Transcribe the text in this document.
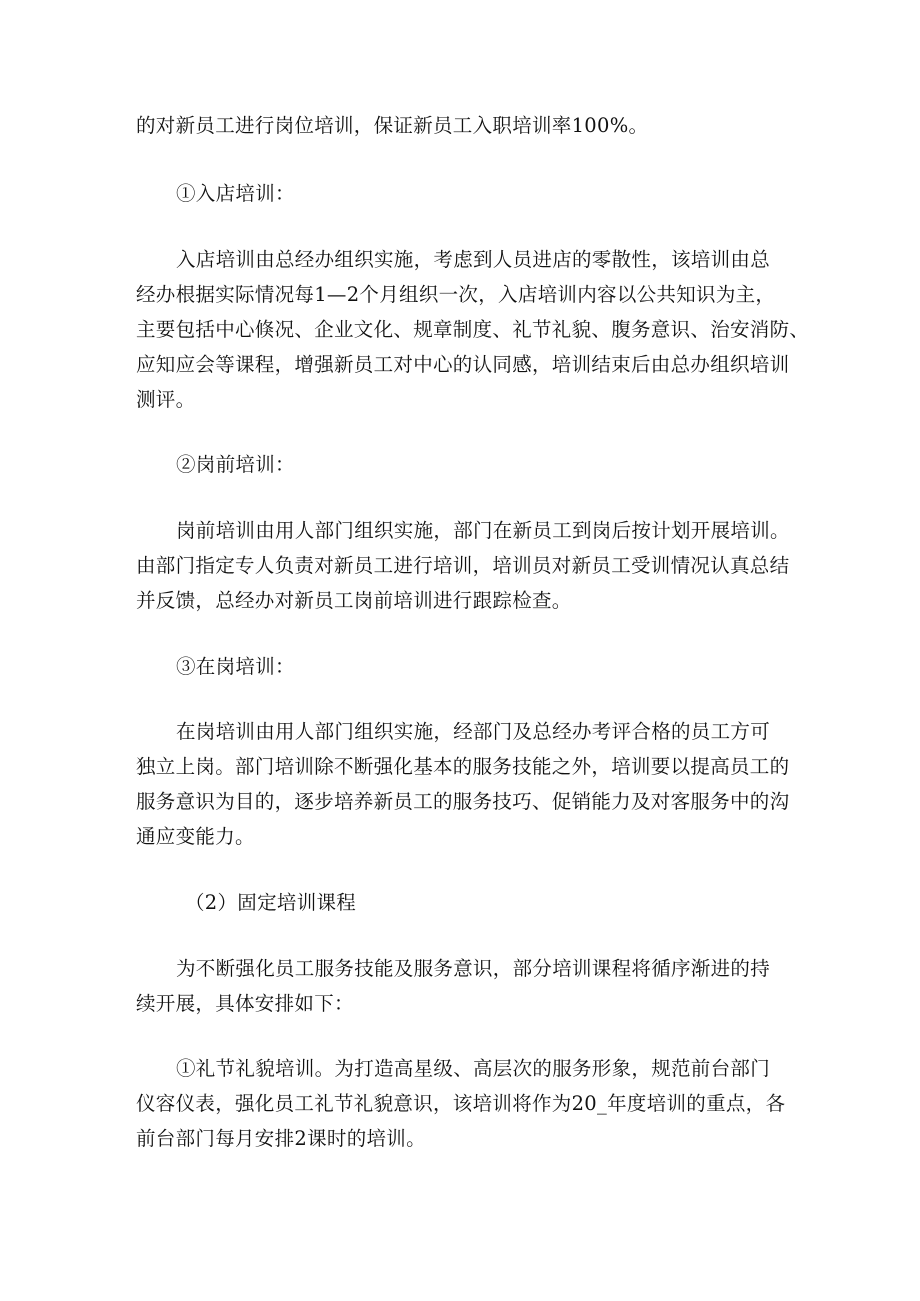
的对新员工进行岗位培训，保证新员工入职培训率100%。
①入店培训：
入店培训由总经办组织实施，考虑到人员进店的零散性，该培训由总
经办根据实际情况每1—2个月组织一次，入店培训内容以公共知识为主，
主要包括中心倏况、企业文化、规章制度、礼节礼貌、腹务意识、治安消防、
应知应会等课程，增强新员工对中心的认同感，培训结束后由总办组织培训
测评。
②岗前培训：
岗前培训由用人部门组织实施，部门在新员工到岗后按计划开展培训。
由部门指定专人负责对新员工进行培训，培训员对新员工受训情况认真总结
并反馈，总经办对新员工岗前培训进行跟踪检查。
③在岗培训：
在岗培训由用人部门组织实施，经部门及总经办考评合格的员工方可
独立上岗。部门培训除不断强化基本的服务技能之外，培训要以提高员工的
服务意识为目的，逐步培养新员工的服务技巧、促销能力及对客服务中的沟
通应变能力。
（2）固定培训课程
为不断强化员工服务技能及服务意识，部分培训课程将循序渐进的持
续开展，具体安排如下：
①礼节礼貌培训。为打造高星级、高层次的服务形象，规范前台部门
仪容仪表，强化员工礼节礼貌意识，该培训将作为20_年度培训的重点，各
前台部门每月安排2课时的培训。
